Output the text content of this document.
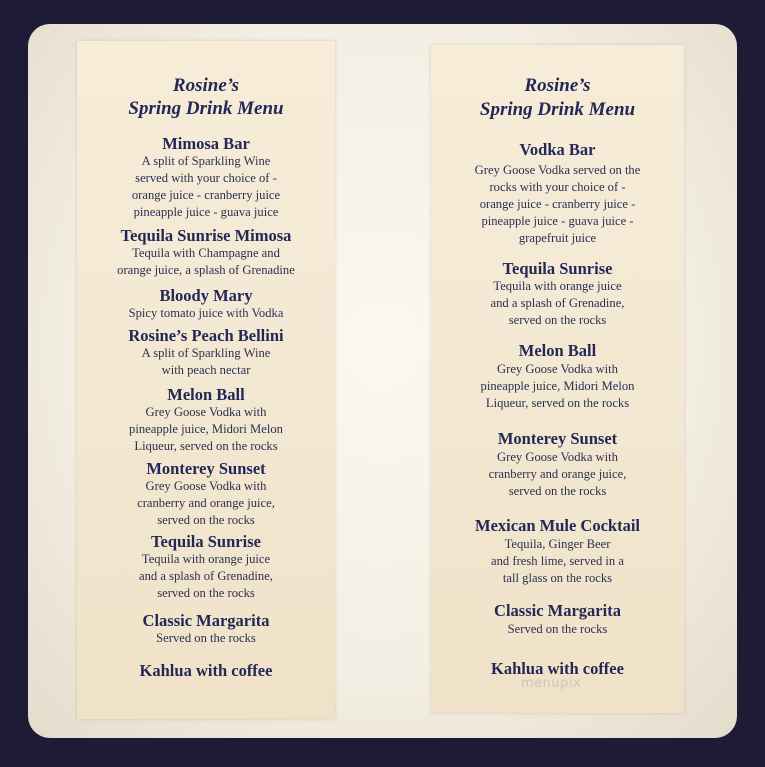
Rosine’s
Spring Drink Menu
Mimosa Bar
A split of Sparkling Wine
served with your choice of -
orange juice - cranberry juice
pineapple juice - guava juice
Tequila Sunrise Mimosa
Tequila with Champagne and
orange juice, a splash of Grenadine
Bloody Mary
Spicy tomato juice with Vodka
Rosine’s Peach Bellini
A split of Sparkling Wine
with peach nectar
Melon Ball
Grey Goose Vodka with
pineapple juice, Midori Melon
Liqueur, served on the rocks
Monterey Sunset
Grey Goose Vodka with
cranberry and orange juice,
served on the rocks
Tequila Sunrise
Tequila with orange juice
and a splash of Grenadine,
served on the rocks
Classic Margarita
Served on the rocks
Kahlua with coffee
Rosine’s
Spring Drink Menu
Vodka Bar
Grey Goose Vodka served on the
rocks with your choice of -
orange juice - cranberry juice -
pineapple juice - guava juice -
grapefruit juice
Tequila Sunrise
Tequila with orange juice
and a splash of Grenadine,
served on the rocks
Melon Ball
Grey Goose Vodka with
pineapple juice, Midori Melon
Liqueur, served on the rocks
Monterey Sunset
Grey Goose Vodka with
cranberry and orange juice,
served on the rocks
Mexican Mule Cocktail
Tequila, Ginger Beer
and fresh lime, served in a
tall glass on the rocks
Classic Margarita
Served on the rocks
Kahlua with coffee
menupix
